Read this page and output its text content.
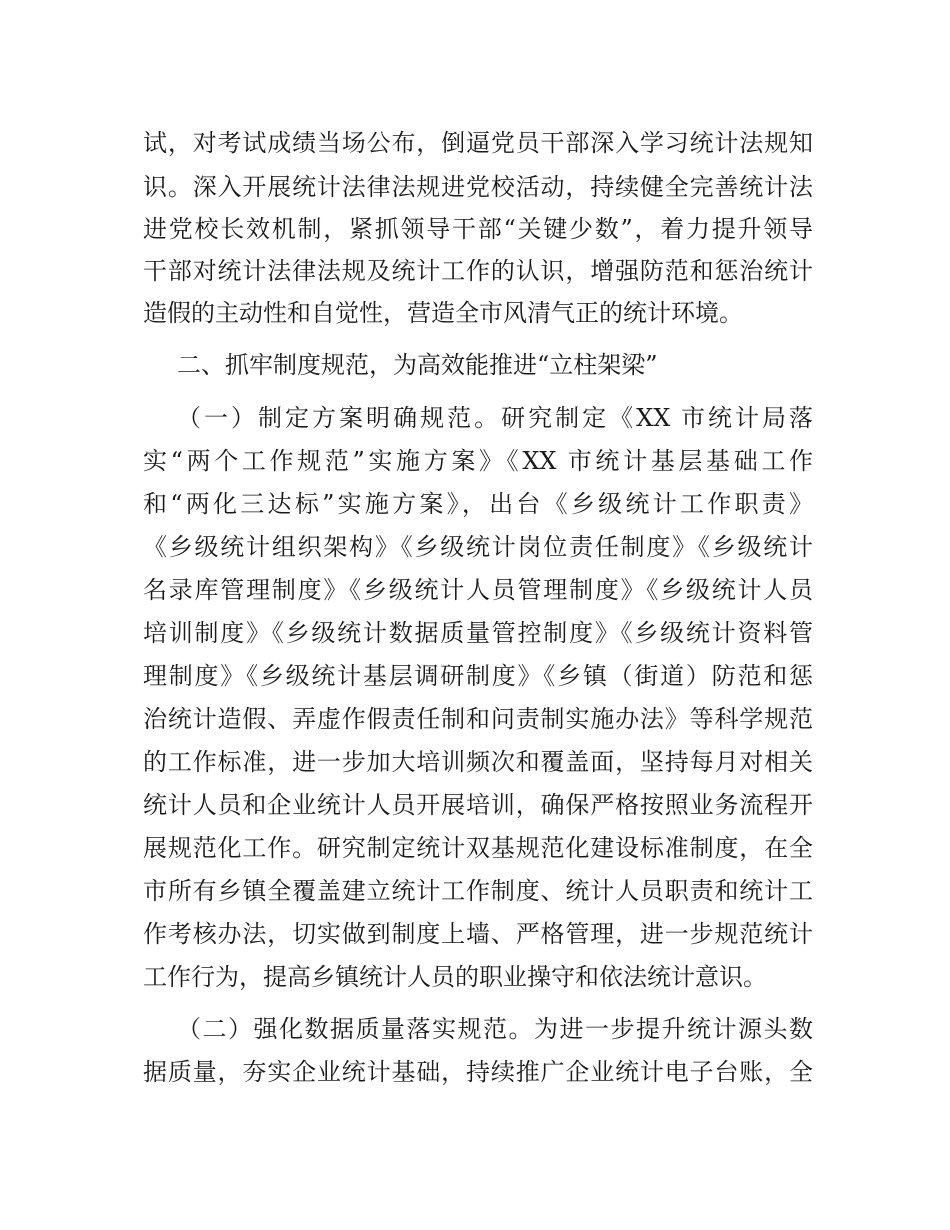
试，对考试成绩当场公布，倒逼党员干部深入学习统计法规知
识。深入开展统计法律法规进党校活动，持续健全完善统计法
进党校长效机制，紧抓领导干部“关键少数”，着力提升领导
干部对统计法律法规及统计工作的认识，增强防范和惩治统计
造假的主动性和自觉性，营造全市风清气正的统计环境。
二、抓牢制度规范，为高效能推进“立柱架梁”
（一）制定方案明确规范。研究制定《XX 市统计局落
实“两个工作规范”实施方案》《XX 市统计基层基础工作
和“两化三达标”实施方案》，出台《乡级统计工作职责》
《乡级统计组织架构》《乡级统计岗位责任制度》《乡级统计
名录库管理制度》《乡级统计人员管理制度》《乡级统计人员
培训制度》《乡级统计数据质量管控制度》《乡级统计资料管
理制度》《乡级统计基层调研制度》《乡镇（街道）防范和惩
治统计造假、弄虚作假责任制和问责制实施办法》等科学规范
的工作标准，进一步加大培训频次和覆盖面，坚持每月对相关
统计人员和企业统计人员开展培训，确保严格按照业务流程开
展规范化工作。研究制定统计双基规范化建设标准制度，在全
市所有乡镇全覆盖建立统计工作制度、统计人员职责和统计工
作考核办法，切实做到制度上墙、严格管理，进一步规范统计
工作行为，提高乡镇统计人员的职业操守和依法统计意识。
（二）强化数据质量落实规范。为进一步提升统计源头数
据质量，夯实企业统计基础，持续推广企业统计电子台账，全
